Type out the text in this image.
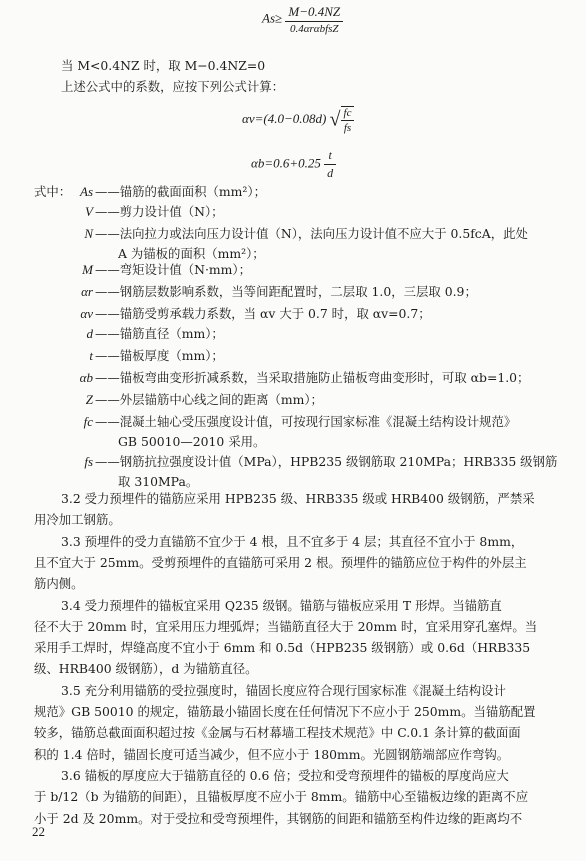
$As\ge \frac{M-0.4NZ}{\text{0.4αrαbfsZ}}$
当 M<0.4NZ 时，取 M−0.4NZ=0
上述公式中的系数，应按下列公式计算：
αv=(4.0−0.08d) √ $\frac{fc}{fs}$
$\alpha b=0.6+0.25 \frac{t}{d}$
式中： As ——锚筋的截面面积（mm²）；
V ——剪力设计值（N）；
N ——法向拉力或法向压力设计值（N），法向压力设计值不应大于 0.5fcA，此处
A 为锚板的面积（mm²）；
M ——弯矩设计值（N·mm）；
αr ——钢筋层数影响系数，当等间距配置时，二层取 1.0，三层取 0.9；
αv ——锚筋受剪承载力系数，当 αv 大于 0.7 时，取 αv=0.7；
d ——锚筋直径（mm）；
t ——锚板厚度（mm）；
αb ——锚板弯曲变形折减系数，当采取措施防止锚板弯曲变形时，可取 αb=1.0；
Z ——外层锚筋中心线之间的距离（mm）；
fc ——混凝土轴心受压强度设计值，可按现行国家标准《混凝土结构设计规范》
GB 50010—2010 采用。
fs ——钢筋抗拉强度设计值（MPa），HPB235 级钢筋取 210MPa；HRB335 级钢筋
取 310MPa。
3.2 受力预埋件的锚筋应采用 HPB235 级、HRB335 级或 HRB400 级钢筋，严禁采
用冷加工钢筋。
3.3 预埋件的受力直锚筋不宜少于 4 根，且不宜多于 4 层；其直径不宜小于 8mm，
且不宜大于 25mm。受剪预埋件的直锚筋可采用 2 根。预埋件的锚筋应位于构件的外层主
筋内侧。
3.4 受力预埋件的锚板宜采用 Q235 级钢。锚筋与锚板应采用 T 形焊。当锚筋直
径不大于 20mm 时，宜采用压力埋弧焊；当锚筋直径大于 20mm 时，宜采用穿孔塞焊。当
采用手工焊时，焊缝高度不宜小于 6mm 和 0.5d（HPB235 级钢筋）或 0.6d（HRB335
级、HRB400 级钢筋），d 为锚筋直径。
3.5 充分利用锚筋的受拉强度时，锚固长度应符合现行国家标准《混凝土结构设计
规范》GB 50010 的规定，锚筋最小锚固长度在任何情况下不应小于 250mm。当锚筋配置
较多，锚筋总截面面积超过按《金属与石材幕墙工程技术规范》中 C.0.1 条计算的截面面
积的 1.4 倍时，锚固长度可适当减少，但不应小于 180mm。光圆钢筋端部应作弯钩。
3.6 锚板的厚度应大于锚筋直径的 0.6 倍；受拉和受弯预埋件的锚板的厚度尚应大
于 b/12（b 为锚筋的间距），且锚板厚度不应小于 8mm。锚筋中心至锚板边缘的距离不应
小于 2d 及 20mm。对于受拉和受弯预埋件，其钢筋的间距和锚筋至构件边缘的距离均不
22
